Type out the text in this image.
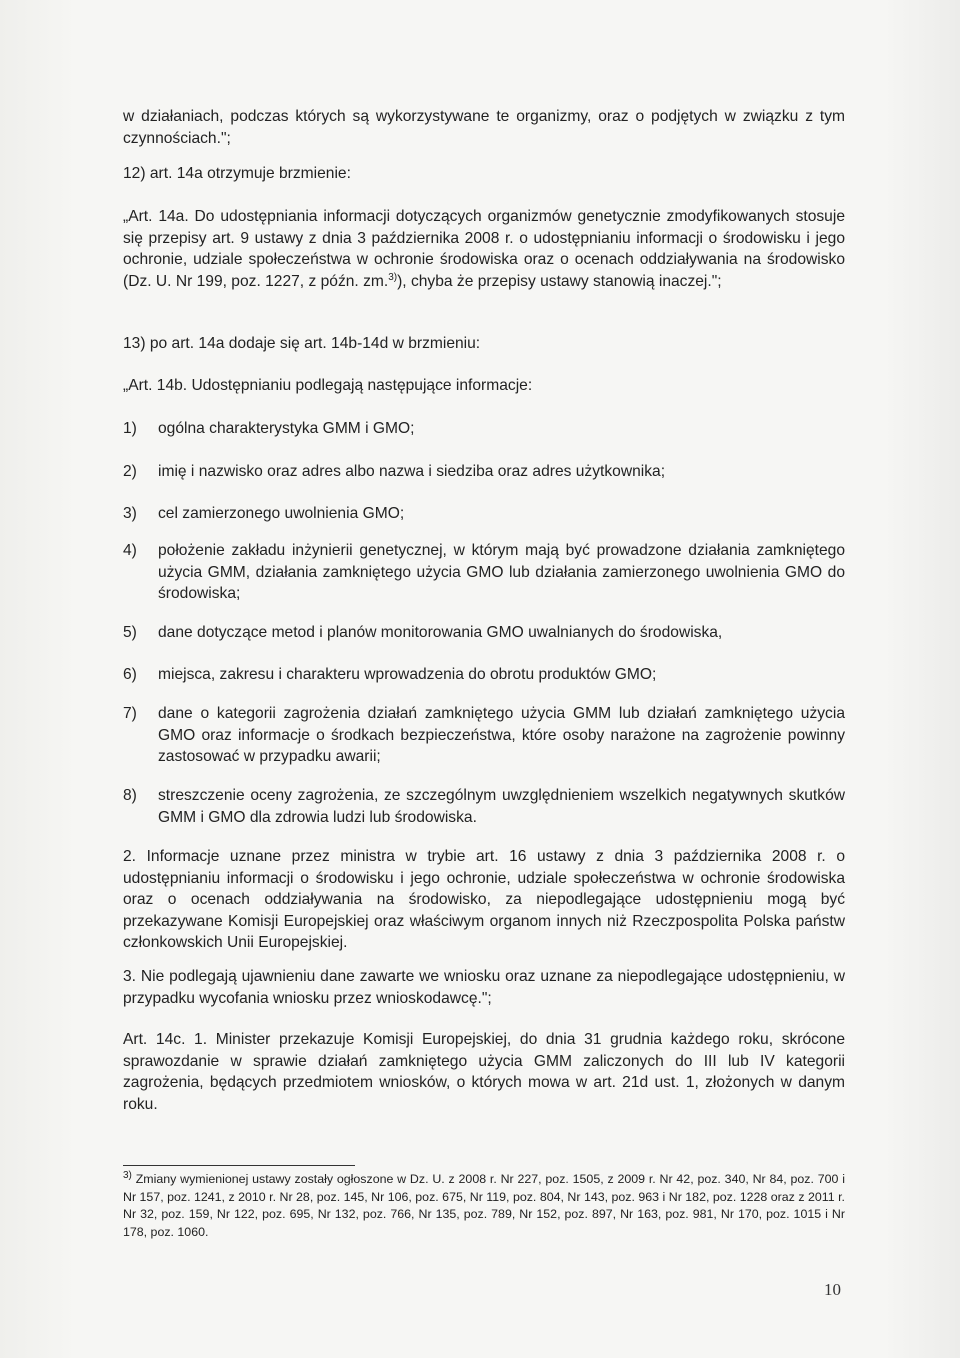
w działaniach, podczas których są wykorzystywane te organizmy, oraz o podjętych w związku z tym czynnościach.";

12) art. 14a otrzymuje brzmienie:

„Art. 14a. Do udostępniania informacji dotyczących organizmów genetycznie zmodyfikowanych stosuje się przepisy art. 9 ustawy z dnia 3 października 2008 r. o udostępnianiu informacji o środowisku i jego ochronie, udziale społeczeństwa w ochronie środowiska oraz o ocenach oddziaływania na środowisko (Dz. U. Nr 199, poz. 1227, z późn. zm.$^{3)}$), chyba że przepisy ustawy stanowią inaczej.";

13) po art. 14a dodaje się art. 14b-14d w brzmieniu:

„Art. 14b. Udostępnianiu podlegają następujące informacje:

1)	ogólna charakterystyka GMM i GMO;
2)	imię i nazwisko oraz adres albo nazwa i siedziba oraz adres użytkownika;
3)	cel zamierzonego uwolnienia GMO;
4)	położenie zakładu inżynierii genetycznej, w którym mają być prowadzone działania zamkniętego użycia GMM, działania zamkniętego użycia GMO lub działania zamierzonego uwolnienia GMO do środowiska;
5)	dane dotyczące metod i planów monitorowania GMO uwalnianych do środowiska,
6)	miejsca, zakresu i charakteru wprowadzenia do obrotu produktów GMO;
7)	dane o kategorii zagrożenia działań zamkniętego użycia GMM lub działań zamkniętego użycia GMO oraz informacje o środkach bezpieczeństwa, które osoby narażone na zagrożenie powinny zastosować w przypadku awarii;
8)	streszczenie oceny zagrożenia, ze szczególnym uwzględnieniem wszelkich negatywnych skutków GMM i GMO dla zdrowia ludzi lub środowiska.

2. Informacje uznane przez ministra w trybie art. 16 ustawy z dnia 3 października 2008 r. o udostępnianiu informacji o środowisku i jego ochronie, udziale społeczeństwa w ochronie środowiska oraz o ocenach oddziaływania na środowisko, za niepodlegające udostępnieniu mogą być przekazywane Komisji Europejskiej oraz właściwym organom innych niż Rzeczpospolita Polska państw członkowskich Unii Europejskiej.

3. Nie podlegają ujawnieniu dane zawarte we wniosku oraz uznane za niepodlegające udostępnieniu, w przypadku wycofania wniosku przez wnioskodawcę.";

Art. 14c. 1. Minister przekazuje Komisji Europejskiej, do dnia 31 grudnia każdego roku, skrócone sprawozdanie w sprawie działań zamkniętego użycia GMM zaliczonych do III lub IV kategorii zagrożenia, będących przedmiotem wniosków, o których mowa w art. 21d ust. 1, złożonych w danym roku.

$^{3)}$ Zmiany wymienionej ustawy zostały ogłoszone w Dz. U. z 2008 r. Nr 227, poz. 1505, z 2009 r. Nr 42, poz. 340, Nr 84, poz. 700 i Nr 157, poz. 1241, z 2010 r. Nr 28, poz. 145, Nr 106, poz. 675, Nr 119, poz. 804, Nr 143, poz. 963 i Nr 182, poz. 1228 oraz z 2011 r. Nr 32, poz. 159, Nr 122, poz. 695, Nr 132, poz. 766, Nr 135, poz. 789, Nr 152, poz. 897, Nr 163, poz. 981, Nr 170, poz. 1015 i Nr 178, poz. 1060.
10
